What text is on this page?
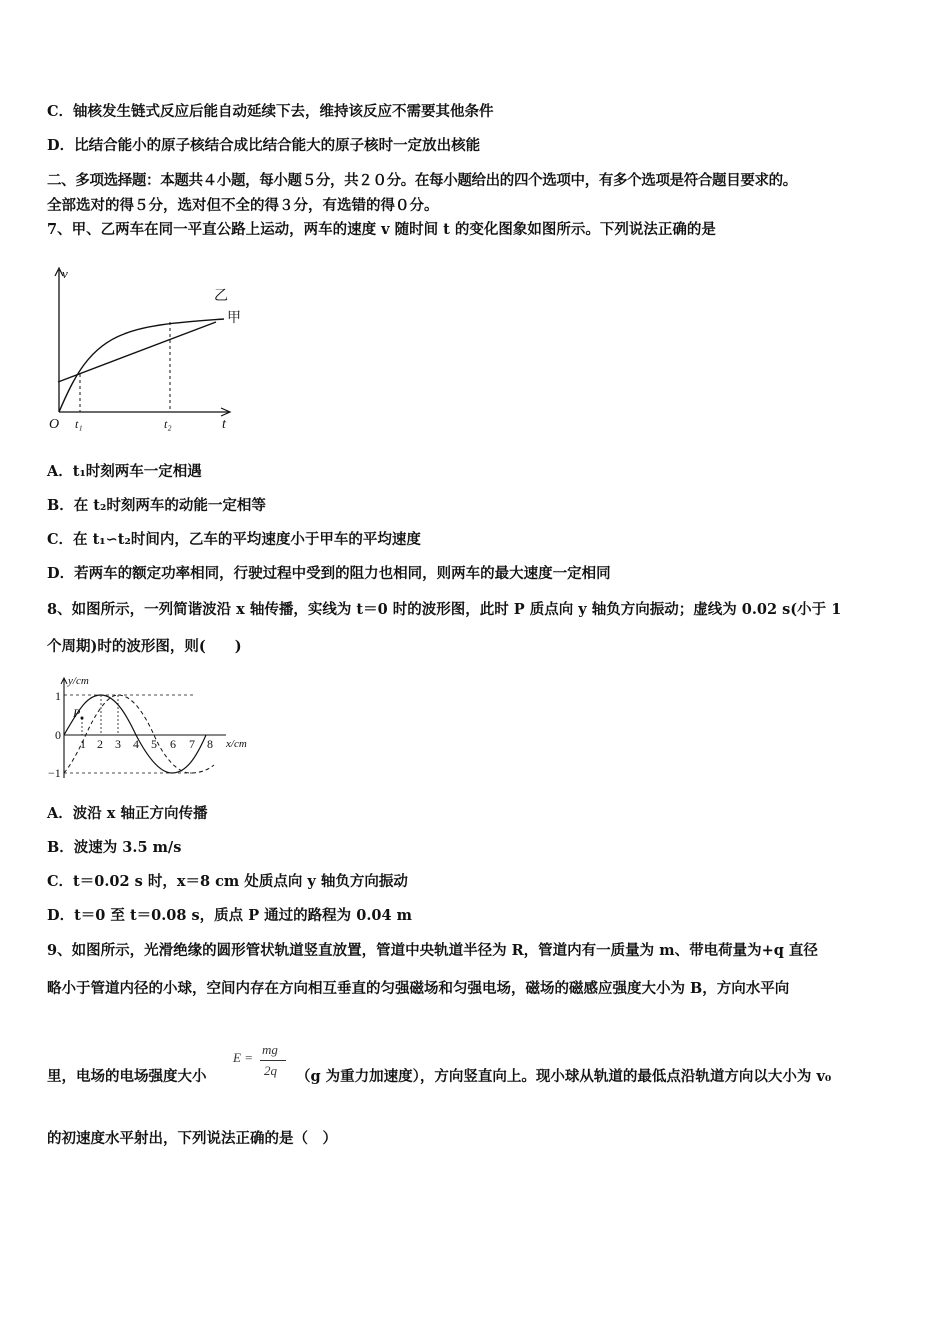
C．铀核发生链式反应后能自动延续下去，维持该反应不需要其他条件
D．比结合能小的原子核结合成比结合能大的原子核时一定放出核能
二、多项选择题：本题共４小题，每小题５分，共２０分。在每小题给出的四个选项中，有多个选项是符合题目要求的。
全部选对的得５分，选对但不全的得３分，有选错的得０分。
7、甲、乙两车在同一平直公路上运动，两车的速度 v 随时间 t 的变化图象如图所示。下列说法正确的是
v
t
O t₁	t₂
乙
甲
A．t₁时刻两车一定相遇
B．在 t₂时刻两车的动能一定相等
C．在 t₁∽t₂时间内，乙车的平均速度小于甲车的平均速度
D．若两车的额定功率相同，行驶过程中受到的阻力也相同，则两车的最大速度一定相同
8、如图所示，一列简谐波沿 x 轴传播，实线为 t＝0 时的波形图，此时 P 质点向 y 轴负方向振动；虚线为 0.02 s(小于 1
个周期)时的波形图，则(　　)
y/cm
x/cm
1
0
−1
P
1 2 3 4 5 6 7 8
A．波沿 x 轴正方向传播
B．波速为 3.5 m/s
C．t＝0.02 s 时，x＝8 cm 处质点向 y 轴负方向振动
D．t＝0 至 t＝0.08 s，质点 P 通过的路程为 0.04 m
9、如图所示，光滑绝缘的圆形管状轨道竖直放置，管道中央轨道半径为 R，管道内有一质量为 m、带电荷量为+q 直径
略小于管道内径的小球，空间内存在方向相互垂直的匀强磁场和匀强电场，磁场的磁感应强度大小为 B，方向水平向
里，电场的电场强度大小
E =
mg
2q （g 为重力加速度），方向竖直向上。现小球从轨道的最低点沿轨道方向以大小为 v₀
的初速度水平射出，下列说法正确的是（　）
